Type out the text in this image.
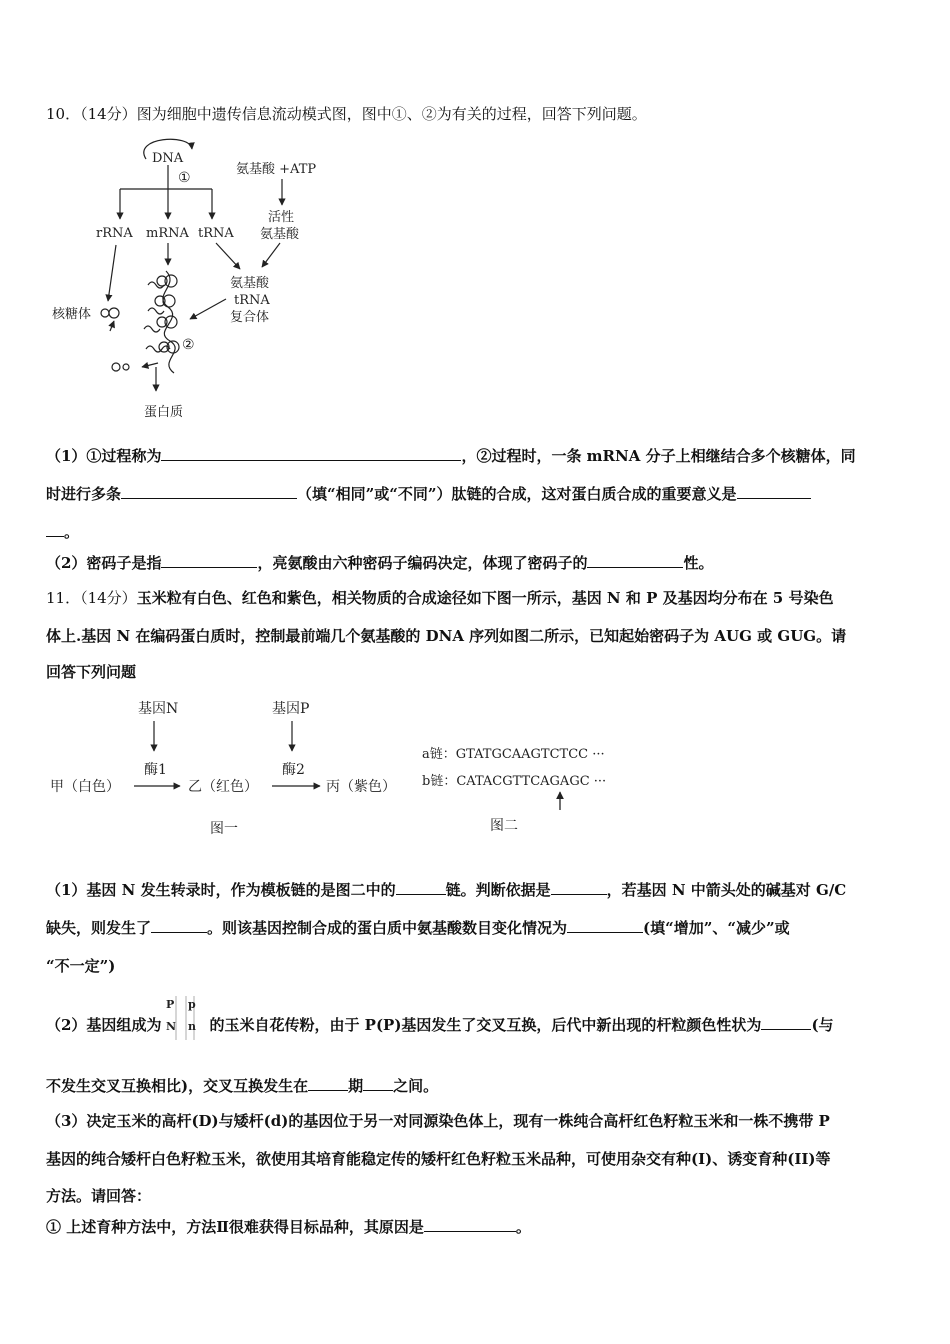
10．（14分）图为细胞中遗传信息流动模式图，图中①、②为有关的过程，回答下列问题。
DNA
①
氨基酸 +ATP
活性
氨基酸
rRNA mRNA tRNA
氨基酸
tRNA
复合体
核糖体
②
蛋白质
（1）①过程称为	，②过程时，一条 mRNA 分子上相继结合多个核糖体，同
时进行多条	（填“相同”或“不同”）肽链的合成，这对蛋白质合成的重要意义是
。
（2）密码子是指	，亮氨酸由六种密码子编码决定，体现了密码子的	性。
11．（14分）玉米粒有白色、红色和紫色，相关物质的合成途径如下图一所示，基因 N 和 P 及基因均分布在 5 号染色
体上.基因 N 在编码蛋白质时，控制最前端几个氨基酸的 DNA 序列如图二所示，已知起始密码子为 AUG 或 GUG。请
回答下列问题
基因N	基因P
酶1	酶2
甲（白色）	乙（红色）	丙（紫色）
图一
a链：GTATGCAAGTCTCC ···
b链：CATACGTTCAGAGC ···
图二
（1）基因 N 发生转录时，作为模板链的是图二中的	链。判断依据是	，若基因 N 中箭头处的碱基对 G/C
缺失，则发生了	。则该基因控制合成的蛋白质中氨基酸数目变化情况为	(填“增加”、“减少”或
“不一定”)
（2）基因组成为
P
N
p
n 的玉米自花传粉，由于 P(P)基因发生了交叉互换，后代中新出现的杆粒颜色性状为	(与
不发生交叉互换相比)，交叉互换发生在	期 之间。
（3）决定玉米的高杆(D)与矮杆(d)的基因位于另一对同源染色体上，现有一株纯合高杆红色籽粒玉米和一株不携带 P
基因的纯合矮杆白色籽粒玉米，欲使用其培育能稳定传的矮杆红色籽粒玉米品种，可使用杂交有种(I)、诱变育种(II)等
方法。请回答：
① 上述育种方法中，方法Ⅱ很难获得目标品种，其原因是	。
